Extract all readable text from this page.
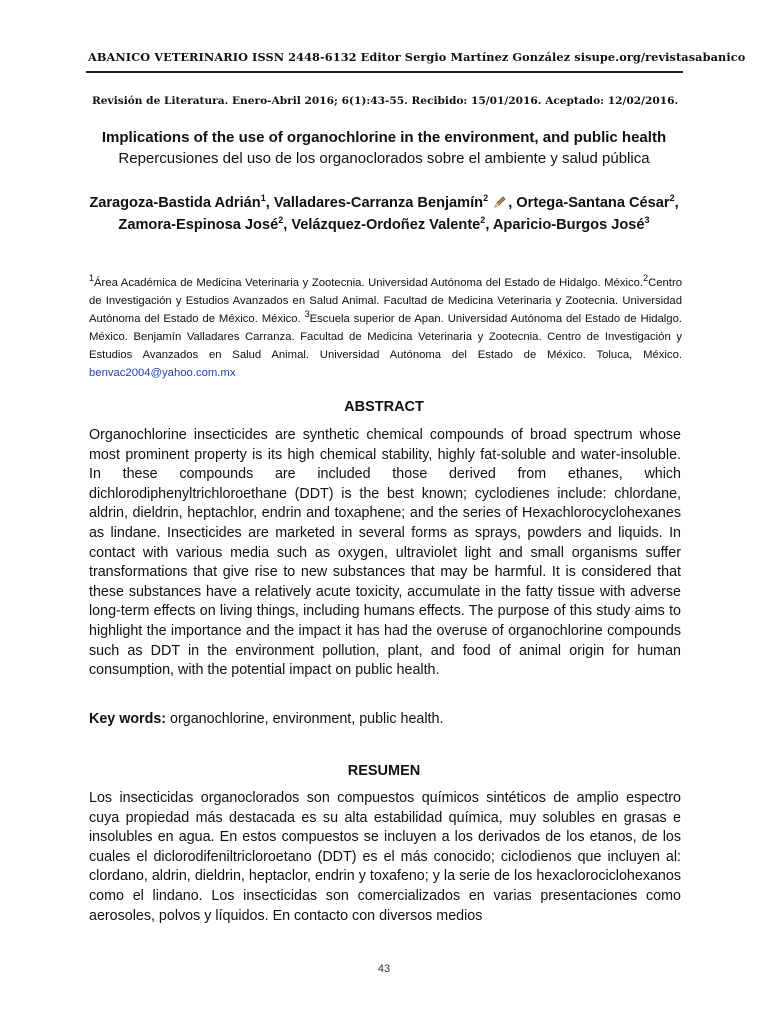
ABANICO VETERINARIO ISSN 2448-6132 Editor Sergio Martínez González sisupe.org/revistasabanico
Revisión de Literatura. Enero-Abril 2016; 6(1):43-55. Recibido: 15/01/2016. Aceptado: 12/02/2016.
Implications of the use of organochlorine in the environment, and public health
Repercusiones del uso de los organoclorados sobre el ambiente y salud pública
Zaragoza-Bastida Adrián$^1$, Valladares-Carranza Benjamín$^2$ , Ortega-Santana César$^2$, Zamora-Espinosa José$^2$, Velázquez-Ordoñez Valente$^2$, Aparicio-Burgos José$^3$
$^1$Área Académica de Medicina Veterinaria y Zootecnia. Universidad Autónoma del Estado de Hidalgo. México.$^2$Centro de Investigación y Estudios Avanzados en Salud Animal. Facultad de Medicina Veterinaria y Zootecnia. Universidad Autónoma del Estado de México. México. $^3$Escuela superior de Apan. Universidad Autónoma del Estado de Hidalgo. México. Benjamín Valladares Carranza. Facultad de Medicina Veterinaria y Zootecnia. Centro de Investigación y Estudios Avanzados en Salud Animal. Universidad Autónoma del Estado de México. Toluca, México. benvac2004@yahoo.com.mx
ABSTRACT
Organochlorine insecticides are synthetic chemical compounds of broad spectrum whose most prominent property is its high chemical stability, highly fat-soluble and water-insoluble. In these compounds are included those derived from ethanes, which dichlorodiphenyltrichloroethane (DDT) is the best known; cyclodienes include: chlordane, aldrin, dieldrin, heptachlor, endrin and toxaphene; and the series of Hexachlorocyclohexanes as lindane. Insecticides are marketed in several forms as sprays, powders and liquids. In contact with various media such as oxygen, ultraviolet light and small organisms suffer transformations that give rise to new substances that may be harmful. It is considered that these substances have a relatively acute toxicity, accumulate in the fatty tissue with adverse long-term effects on living things, including humans effects. The purpose of this study aims to highlight the importance and the impact it has had the overuse of organochlorine compounds such as DDT in the environment pollution, plant, and food of animal origin for human consumption, with the potential impact on public health.
Key words: organochlorine, environment, public health.
RESUMEN
Los insecticidas organoclorados son compuestos químicos sintéticos de amplio espectro cuya propiedad más destacada es su alta estabilidad química, muy solubles en grasas e insolubles en agua. En estos compuestos se incluyen a los derivados de los etanos, de los cuales el diclorodifeniltricloroetano (DDT) es el más conocido; ciclodienos que incluyen al: clordano, aldrin, dieldrin, heptaclor, endrin y toxafeno; y la serie de los hexaclorociclohexanos como el lindano. Los insecticidas son comercializados en varias presentaciones como aerosoles, polvos y líquidos. En contacto con diversos medios
43
